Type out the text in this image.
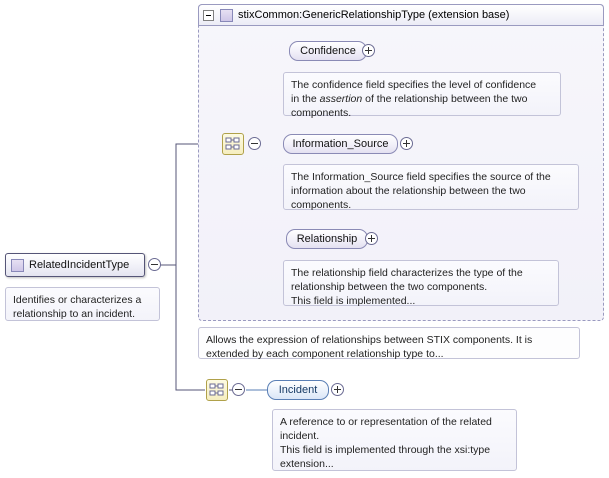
stixCommon:GenericRelationshipType (extension base)
Confidence
The confidence field specifies the level of confidence
in the assertion of the relationship between the two
components.
Information_Source
The Information_Source field specifies the source of the
information about the relationship between the two
components.
Relationship
The relationship field characterizes the type of the
relationship between the two components.
This field is implemented...
Allows the expression of relationships between STIX components. It is extended by each component relationship type to...
Incident
A reference to or representation of the related
incident.
This field is implemented through the xsi:type
extension...
RelatedIncidentType
Identifies or characterizes a relationship to an incident.
